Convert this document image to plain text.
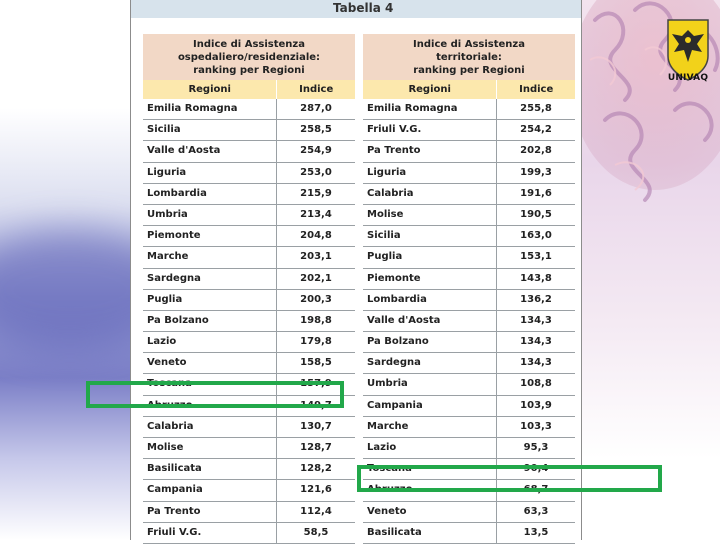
UNIVAQ
Tabella 4
Indice di Assistenza
ospedaliero/residenziale:
ranking per Regioni
Regioni	Indice
Emilia Romagna	287,0
Sicilia	258,5
Valle d'Aosta	254,9
Liguria	253,0
Lombardia	215,9
Umbria	213,4
Piemonte	204,8
Marche	203,1
Sardegna	202,1
Puglia	200,3
Pa Bolzano	198,8
Lazio	179,8
Veneto	158,5
Toscana	157,9
Abruzzo	149,7
Calabria	130,7
Molise	128,7
Basilicata	128,2
Campania	121,6
Pa Trento	112,4
Friuli V.G.	58,5
Indice di Assistenza
territoriale:
ranking per Regioni
Regioni	Indice
Emilia Romagna	255,8
Friuli V.G.	254,2
Pa Trento	202,8
Liguria	199,3
Calabria	191,6
Molise	190,5
Sicilia	163,0
Puglia	153,1
Piemonte	143,8
Lombardia	136,2
Valle d'Aosta	134,3
Pa Bolzano	134,3
Sardegna	134,3
Umbria	108,8
Campania	103,9
Marche	103,3
Lazio	95,3
Toscana	90,4
Abruzzo	68,7
Veneto	63,3
Basilicata	13,5
